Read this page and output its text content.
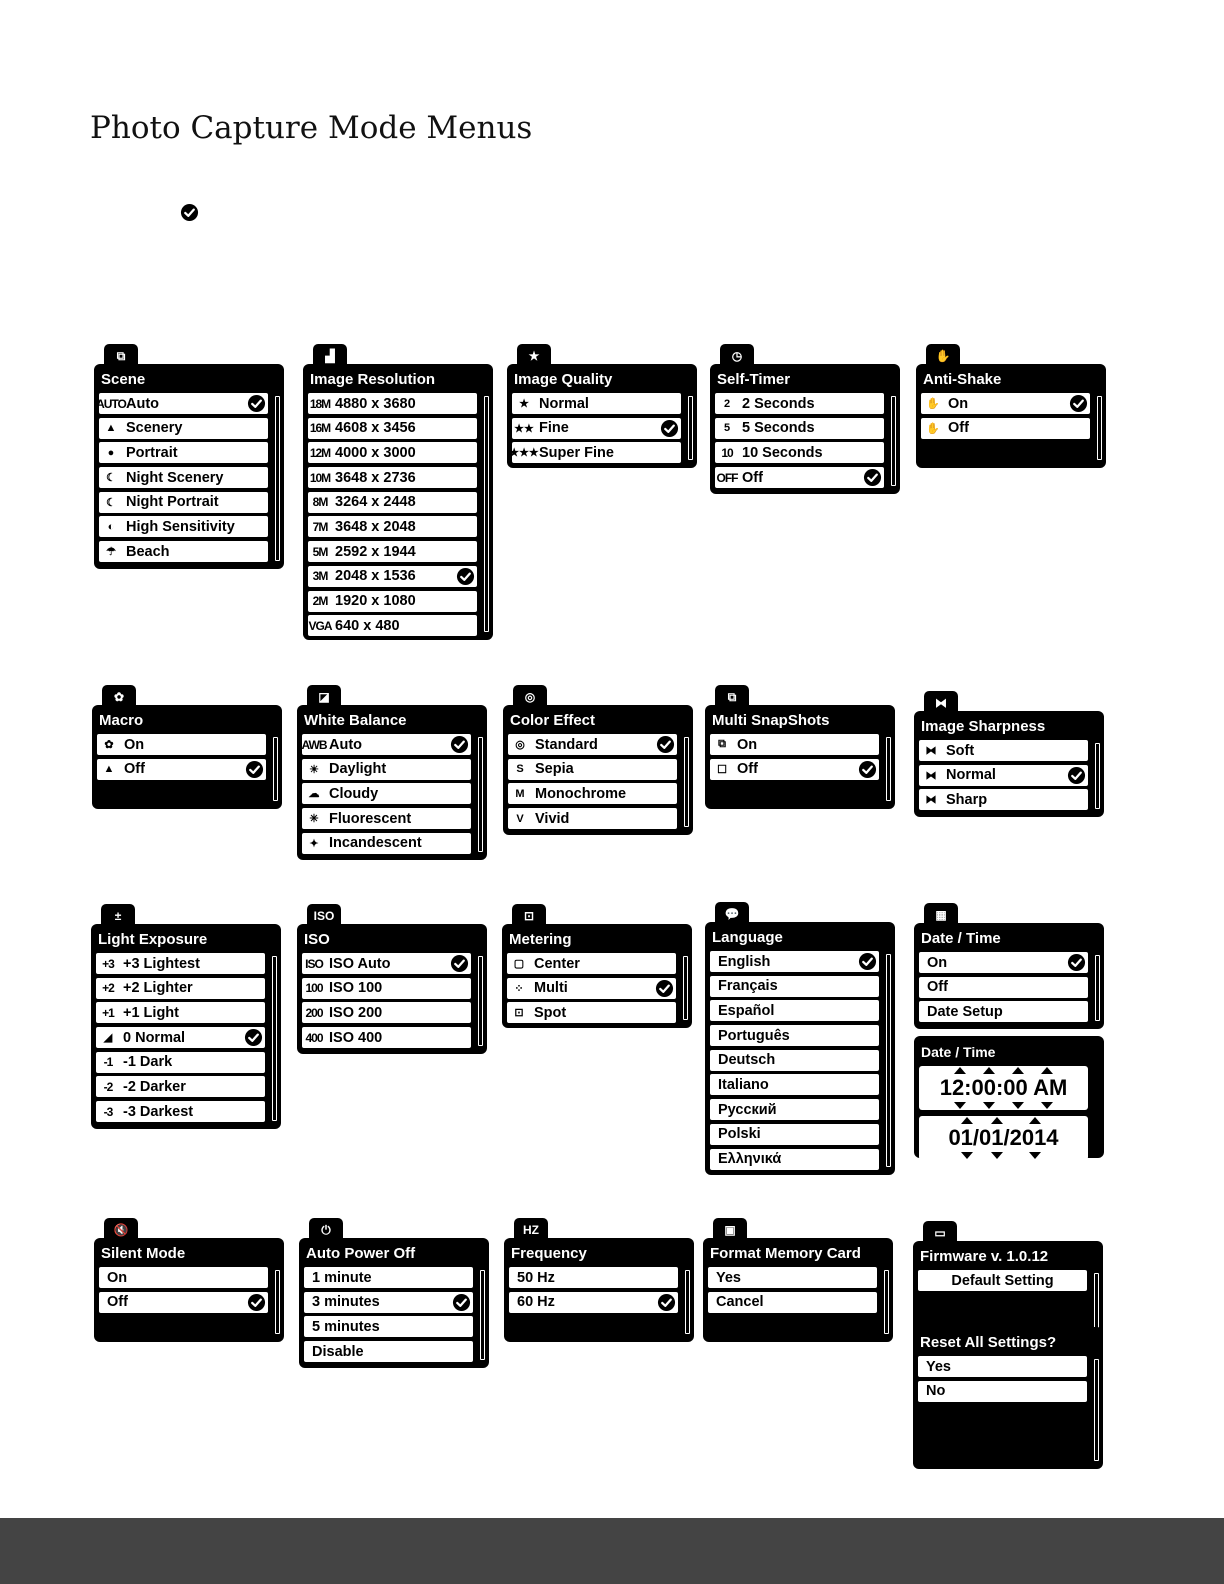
Photo Capture Mode Menus
⧉
Scene
AUTO Auto
▲ Scenery
● Portrait
☾ Night Scenery
☾ Night Portrait
◐ High Sensitivity
☂ Beach
▟
Image Resolution
18M 4880 x 3680
16M 4608 x 3456
12M 4000 x 3000
10M 3648 x 2736
8M 3264 x 2448
7M 3648 x 2048
5M 2592 x 1944
3M 2048 x 1536
2M 1920 x 1080
VGA 640 x 480
★
Image Quality
★ Normal
★★ Fine
★★★ Super Fine
◷
Self-Timer
2 2 Seconds
5 5 Seconds
10 10 Seconds
OFF Off
✋
Anti-Shake
✋ On
✋ Off
✿
Macro
✿ On
▲ Off
◪
White Balance
AWB Auto
☀ Daylight
☁ Cloudy
✳ Fluorescent
✦ Incandescent
◎
Color Effect
◎ Standard
S Sepia
M Monochrome
V Vivid
⧉
Multi SnapShots
⧉ On
☐ Off
⧓
Image Sharpness
⧓ Soft
⧓ Normal
⧓ Sharp
±
Light Exposure
+3 +3 Lightest
+2 +2 Lighter
+1 +1 Light
◢ 0 Normal
-1 -1 Dark
-2 -2 Darker
-3 -3 Darkest
ISO
ISO
ISO ISO Auto
100 ISO 100
200 ISO 200
400 ISO 400
⊡
Metering
▢ Center
⁘ Multi
⊡ Spot
💬
Language
English
Français
Español
Português
Deutsch
Italiano
Русский
Polski
Ελληνικά
▦
Date / Time
On
Off
Date Setup
Date / Time
12:00:00 AM
01/01/2014
🔇
Silent Mode
On
Off
⏻
Auto Power Off
1 minute
3 minutes
5 minutes
Disable
HZ
Frequency
50 Hz
60 Hz
▣
Format Memory Card
Yes
Cancel
▭
Firmware v. 1.0.12
Default Setting
Reset All Settings?
Yes
No
